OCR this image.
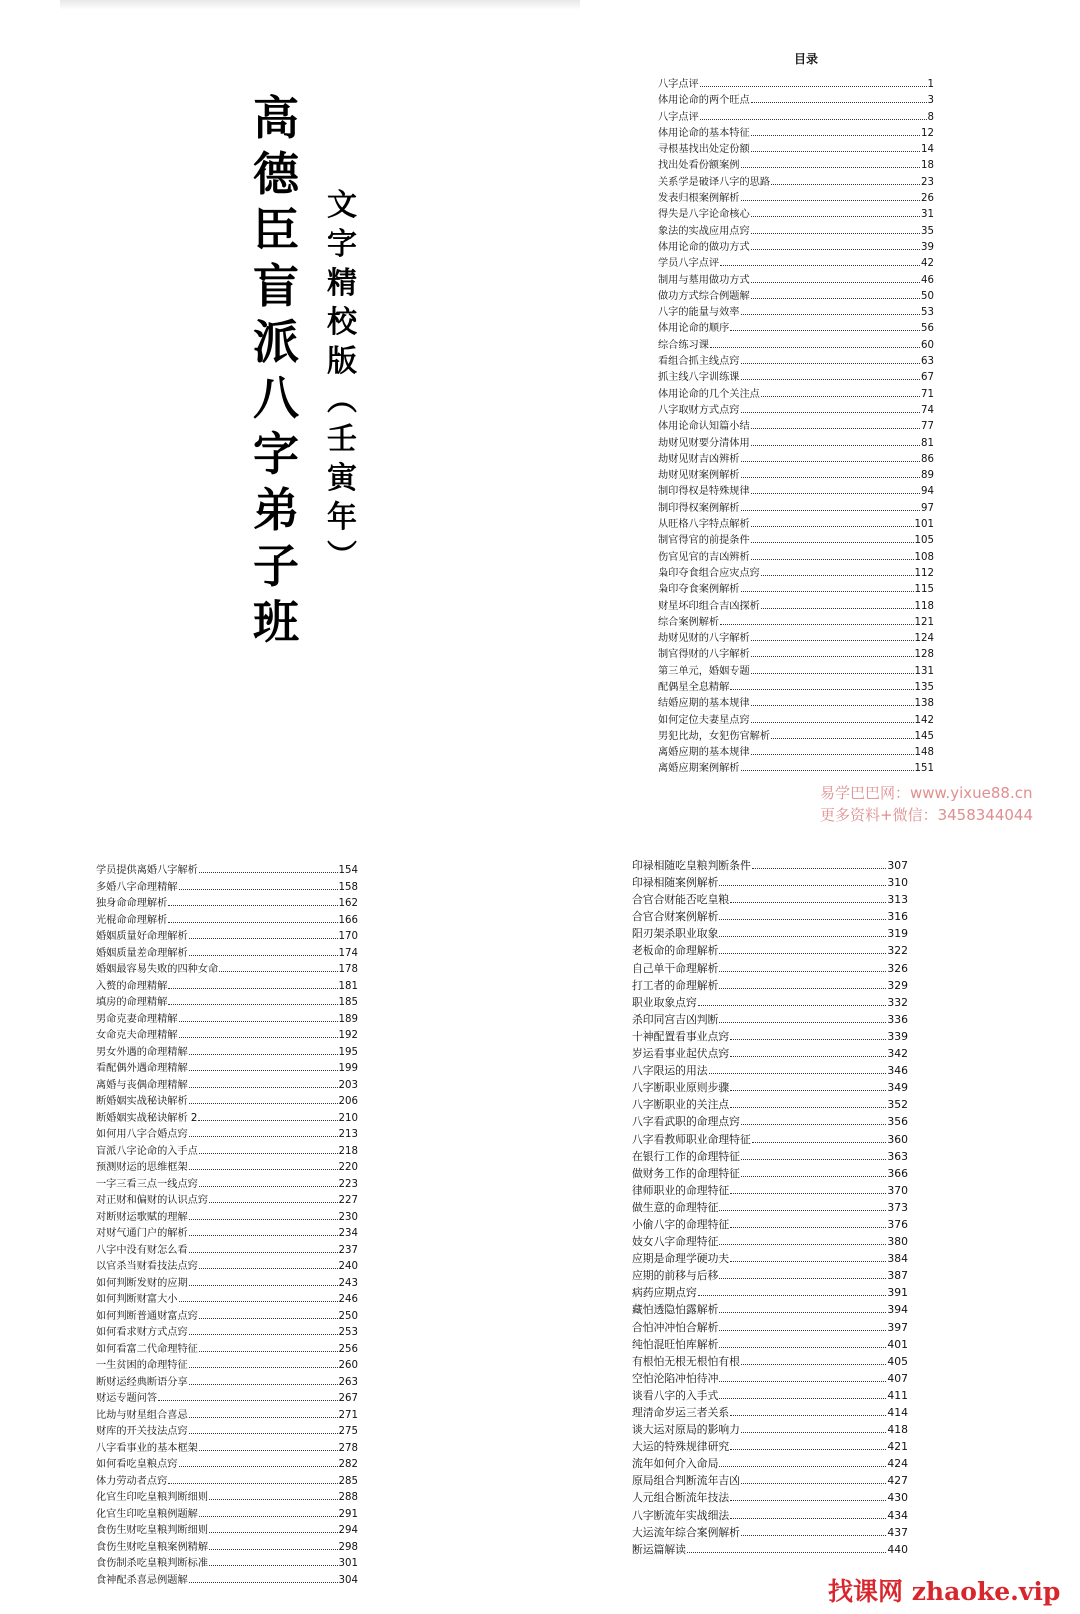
高
德
臣
盲
派
八
字
弟
子
班
文
字
精
校
版
︵
壬
寅
年
︶
目录
八字点评	1
体用论命的两个旺点	3
八字点评	8
体用论命的基本特征	12
寻根基找出处定份额	14
找出处看份额案例	18
关系学是破译八字的思路	23
发表归根案例解析	26
得失是八字论命核心	31
象法的实战应用点窍	35
体用论命的做功方式	39
学员八字点评	42
制用与墓用做功方式	46
做功方式综合例题解	50
八字的能量与效率	53
体用论命的顺序	56
综合练习课	60
看组合抓主线点窍	63
抓主线八字训练课	67
体用论命的几个关注点	71
八字取财方式点窍	74
体用论命认知篇小结	77
劫财见财要分清体用	81
劫财见财吉凶辨析	86
劫财见财案例解析	89
制印得权是特殊规律	94
制印得权案例解析	97
从旺格八字特点解析	101
制官得官的前提条件	105
伤官见官的吉凶辨析	108
枭印夺食组合应灾点窍	112
枭印夺食案例解析	115
财星坏印组合吉凶探析	118
综合案例解析	121
劫财见财的八字解析	124
制官得财的八字解析	128
第三单元，婚姻专题	131
配偶星全息精解	135
结婚应期的基本规律	138
如何定位夫妻星点窍	142
男犯比劫，女犯伤官解析	145
离婚应期的基本规律	148
离婚应期案例解析	151
学员提供离婚八字解析	154
多婚八字命理精解	158
独身命命理解析	162
光棍命命理解析	166
婚姻质量好命理解析	170
婚姻质量差命理解析	174
婚姻最容易失败的四种女命	178
入赘的命理精解	181
填房的命理精解	185
男命克妻命理精解	189
女命克夫命理精解	192
男女外遇的命理精解	195
看配偶外遇命理精解	199
离婚与丧偶命理精解	203
断婚姻实战秘诀解析	206
断婚姻实战秘诀解析 2	210
如何用八字合婚点窍	213
盲派八字论命的入手点	218
预测财运的思维框架	220
一字三看三点一线点窍	223
对正财和偏财的认识点窍	227
对断财运歌赋的理解	230
对财气通门户的解析	234
八字中没有财怎么看	237
以官杀当财看技法点窍	240
如何判断发财的应期	243
如何判断财富大小	246
如何判断普通财富点窍	250
如何看求财方式点窍	253
如何看富二代命理特征	256
一生贫困的命理特征	260
断财运经典断语分享	263
财运专题问答	267
比劫与财星组合喜忌	271
财库的开关技法点窍	275
八字看事业的基本框架	278
如何看吃皇粮点窍	282
体力劳动者点窍	285
化官生印吃皇粮判断细则	288
化官生印吃皇粮例题解	291
食伤生财吃皇粮判断细则	294
食伤生财吃皇粮案例精解	298
食伤制杀吃皇粮判断标准	301
食神配杀喜忌例题解	304
印禄相随吃皇粮判断条件	307
印禄相随案例解析	310
合官合财能否吃皇粮	313
合官合财案例解析	316
阳刃架杀职业取象	319
老板命的命理解析	322
自己单干命理解析	326
打工者的命理解析	329
职业取象点窍	332
杀印同宫吉凶判断	336
十神配置看事业点窍	339
岁运看事业起伏点窍	342
八字限运的用法	346
八字断职业原则步骤	349
八字断职业的关注点	352
八字看武职的命理点窍	356
八字看教师职业命理特征	360
在银行工作的命理特征	363
做财务工作的命理特征	366
律师职业的命理特征	370
做生意的命理特征	373
小偷八字的命理特征	376
妓女八字命理特征	380
应期是命理学硬功夫	384
应期的前移与后移	387
病药应期点窍	391
藏怕透隐怕露解析	394
合怕冲冲怕合解析	397
纯怕混旺怕库解析	401
有根怕无根无根怕有根	405
空怕沦陷冲怕待冲	407
谈看八字的入手式	411
理清命岁运三者关系	414
谈大运对原局的影响力	418
大运的特殊规律研究	421
流年如何介入命局	424
原局组合判断流年吉凶	427
人元组合断流年技法	430
八字断流年实战细法	434
大运流年综合案例解析	437
断运篇解读	440
易学巴巴网：www.yixue88.cn
更多资料+微信：3458344044
找课网 zhaoke.vip
